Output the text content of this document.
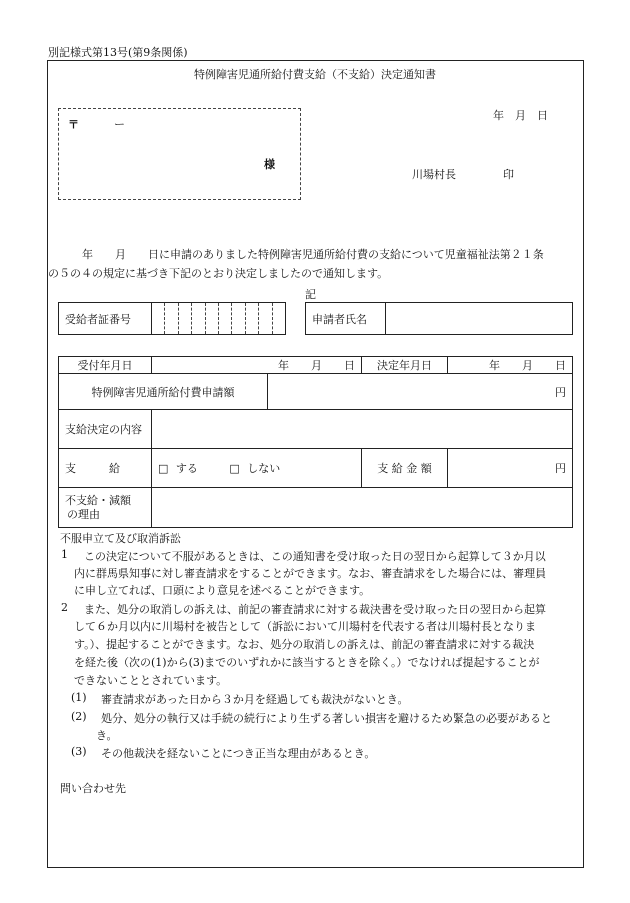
別記様式第13号(第9条関係)
特例障害児通所給付費支給（不支給）決定通知書
〒	ー
様
年　月　日
川場村長	印
年　　月　　日に申請のありました特例障害児通所給付費の支給について児童福祉法第２１条
の５の４の規定に基づき下記のとおり決定しましたので通知します。
記
受給者証番号			申請者氏名	
受付年月日	年　　月　　日		決定年月日	年　　月　　日
特例障害児通所給付費申請額		円		
支給決定の内容				
支　　　給	□ する □ しない		支 給 金 額	円

不支給・減額
の理由				

不服申立て及び取消訴訟
1 この決定について不服があるときは、この通知書を受け取った日の翌日から起算して３か月以
内に群馬県知事に対し審査請求をすることができます。なお、審査請求をした場合には、審理員
に申し立てれば、口頭により意見を述べることができます。
2 また、処分の取消しの訴えは、前記の審査請求に対する裁決書を受け取った日の翌日から起算
して６か月以内に川場村を被告として（訴訟において川場村を代表する者は川場村長となりま
す。）、提起することができます。なお、処分の取消しの訴えは、前記の審査請求に対する裁決
を経た後（次の(1)から(3)までのいずれかに該当するときを除く。）でなければ提起することが
できないこととされています。
(1) 審査請求があった日から３か月を経過しても裁決がないとき。
(2) 処分、処分の執行又は手続の続行により生ずる著しい損害を避けるため緊急の必要があると
き。
(3) その他裁決を経ないことにつき正当な理由があるとき。
問い合わせ先
